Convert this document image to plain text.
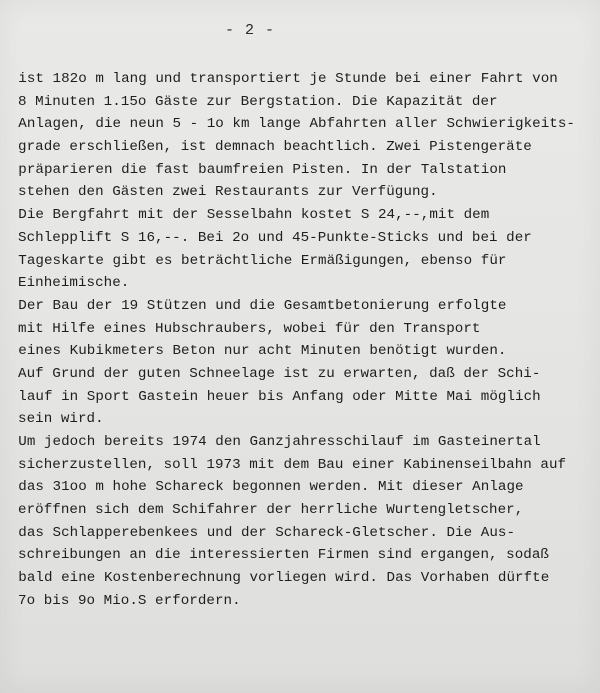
- 2 -
ist 182o m lang und transportiert je Stunde bei einer Fahrt von
8 Minuten 1.15o Gäste zur Bergstation. Die Kapazität der
Anlagen, die neun 5 - 1o km lange Abfahrten aller Schwierigkeits-
grade erschließen, ist demnach beachtlich. Zwei Pistengeräte
präparieren die fast baumfreien Pisten. In der Talstation
stehen den Gästen zwei Restaurants zur Verfügung.
Die Bergfahrt mit der Sesselbahn kostet S 24,--,mit dem
Schlepplift S 16,--. Bei 2o und 45-Punkte-Sticks und bei der
Tageskarte gibt es beträchtliche Ermäßigungen, ebenso für
Einheimische.
Der Bau der 19 Stützen und die Gesamtbetonierung erfolgte
mit Hilfe eines Hubschraubers, wobei für den Transport
eines Kubikmeters Beton nur acht Minuten benötigt wurden.
Auf Grund der guten Schneelage ist zu erwarten, daß der Schi-
lauf in Sport Gastein heuer bis Anfang oder Mitte Mai möglich
sein wird.
Um jedoch bereits 1974 den Ganzjahresschilauf im Gasteinertal
sicherzustellen, soll 1973 mit dem Bau einer Kabinenseilbahn auf
das 31oo m hohe Schareck begonnen werden. Mit dieser Anlage
eröffnen sich dem Schifahrer der herrliche Wurtengletscher,
das Schlapperebenkees und der Schareck-Gletscher. Die Aus-
schreibungen an die interessierten Firmen sind ergangen, sodaß
bald eine Kostenberechnung vorliegen wird. Das Vorhaben dürfte
7o bis 9o Mio.S erfordern.
